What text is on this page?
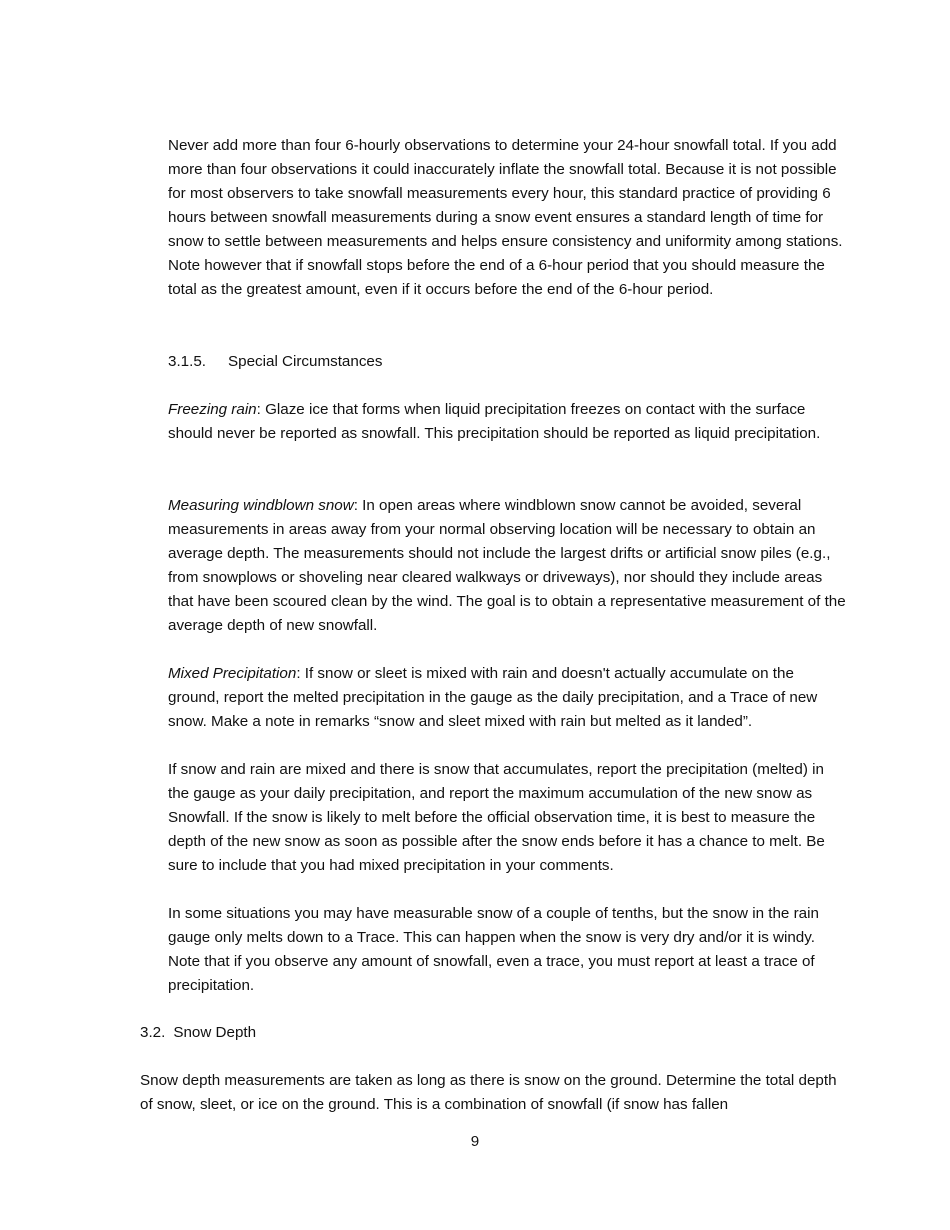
Never add more than four 6-hourly observations to determine your 24-hour snowfall total. If you add more than four observations it could inaccurately inflate the snowfall total. Because it is not possible for most observers to take snowfall measurements every hour, this standard practice of providing 6 hours between snowfall measurements during a snow event ensures a standard length of time for snow to settle between measurements and helps ensure consistency and uniformity among stations. Note however that if snowfall stops before the end of a 6-hour period that you should measure the total as the greatest amount, even if it occurs before the end of the 6-hour period.

3.1.5. Special Circumstances

Freezing rain: Glaze ice that forms when liquid precipitation freezes on contact with the surface should never be reported as snowfall. This precipitation should be reported as liquid precipitation.

Measuring windblown snow: In open areas where windblown snow cannot be avoided, several measurements in areas away from your normal observing location will be necessary to obtain an average depth. The measurements should not include the largest drifts or artificial snow piles (e.g., from snowplows or shoveling near cleared walkways or driveways), nor should they include areas that have been scoured clean by the wind. The goal is to obtain a representative measurement of the average depth of new snowfall.

Mixed Precipitation: If snow or sleet is mixed with rain and doesn't actually accumulate on the ground, report the melted precipitation in the gauge as the daily precipitation, and a Trace of new snow. Make a note in remarks “snow and sleet mixed with rain but melted as it landed”.

If snow and rain are mixed and there is snow that accumulates, report the precipitation (melted) in the gauge as your daily precipitation, and report the maximum accumulation of the new snow as Snowfall. If the snow is likely to melt before the official observation time, it is best to measure the depth of the new snow as soon as possible after the snow ends before it has a chance to melt. Be sure to include that you had mixed precipitation in your comments.

In some situations you may have measurable snow of a couple of tenths, but the snow in the rain gauge only melts down to a Trace. This can happen when the snow is very dry and/or it is windy. Note that if you observe any amount of snowfall, even a trace, you must report at least a trace of precipitation.

3.2. Snow Depth

Snow depth measurements are taken as long as there is snow on the ground. Determine the total depth of snow, sleet, or ice on the ground. This is a combination of snowfall (if snow has fallen

9
